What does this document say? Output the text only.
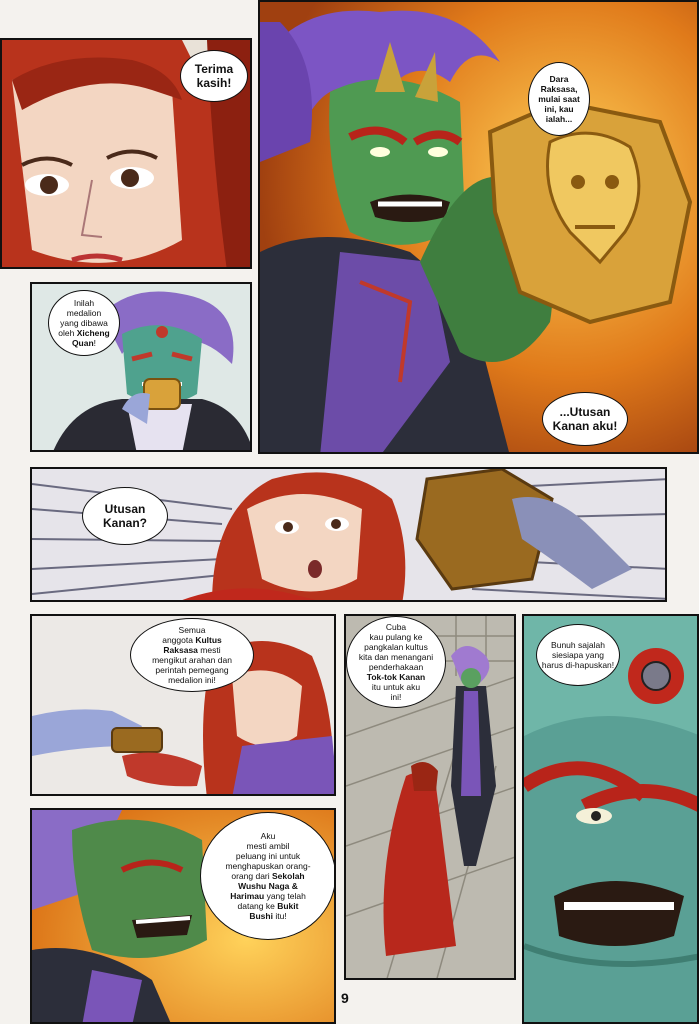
Terima kasih!
Inilah
medalion
yang dibawa
oleh Xicheng Quan!
Dara Raksasa, mulai saat ini, kau ialah...
...Utusan Kanan aku!
Utusan Kanan?
Semua
anggota Kultus
Raksasa mesti
mengikut arahan dan
perintah pemegang
medalion ini!
Cuba
kau pulang ke
pangkalan kultus
kita dan menangani
penderhakaan
Tok-tok Kanan
itu untuk aku
ini!
Bunuh sajalah siesiapa yang harus di-hapuskan!
Aku
mesti ambil
peluang ini untuk
menghapuskan orang-
orang dari Sekolah
Wushu Naga &
Harimau yang telah
datang ke Bukit
Bushi itu!
9
